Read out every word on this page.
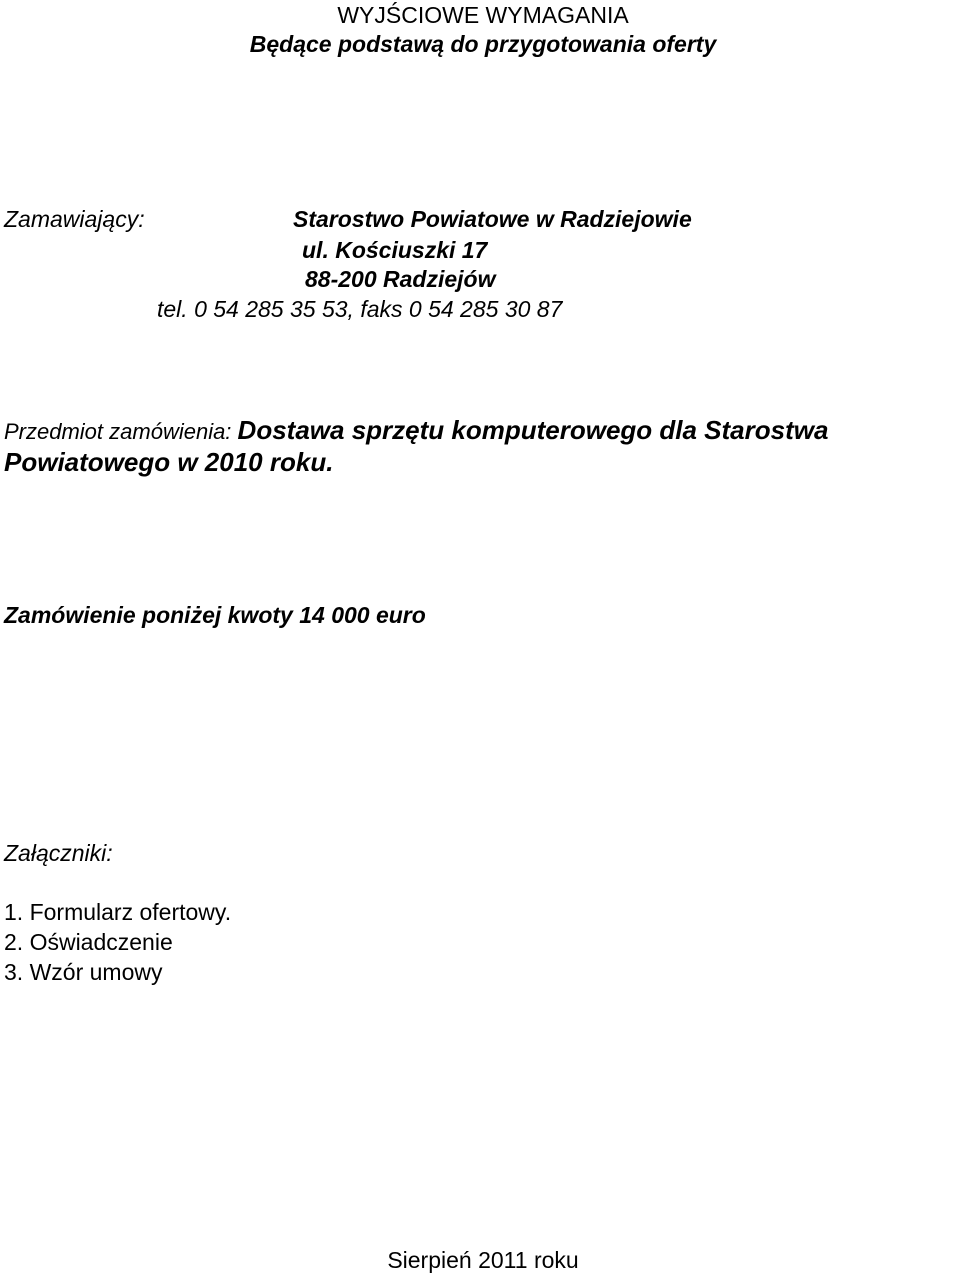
WYJŚCIOWE WYMAGANIA
Będące podstawą do przygotowania oferty
Zamawiający:	Starostwo Powiatowe w Radziejowie
ul. Kościuszki 17
88-200 Radziejów
tel. 0 54 285 35 53, faks 0 54 285 30 87
Przedmiot zamówienia: Dostawa sprzętu komputerowego dla Starostwa
Powiatowego w 2010 roku.
Zamówienie poniżej kwoty 14 000 euro
Załączniki:
1. Formularz ofertowy.
2. Oświadczenie
3. Wzór umowy
Sierpień 2011 roku
